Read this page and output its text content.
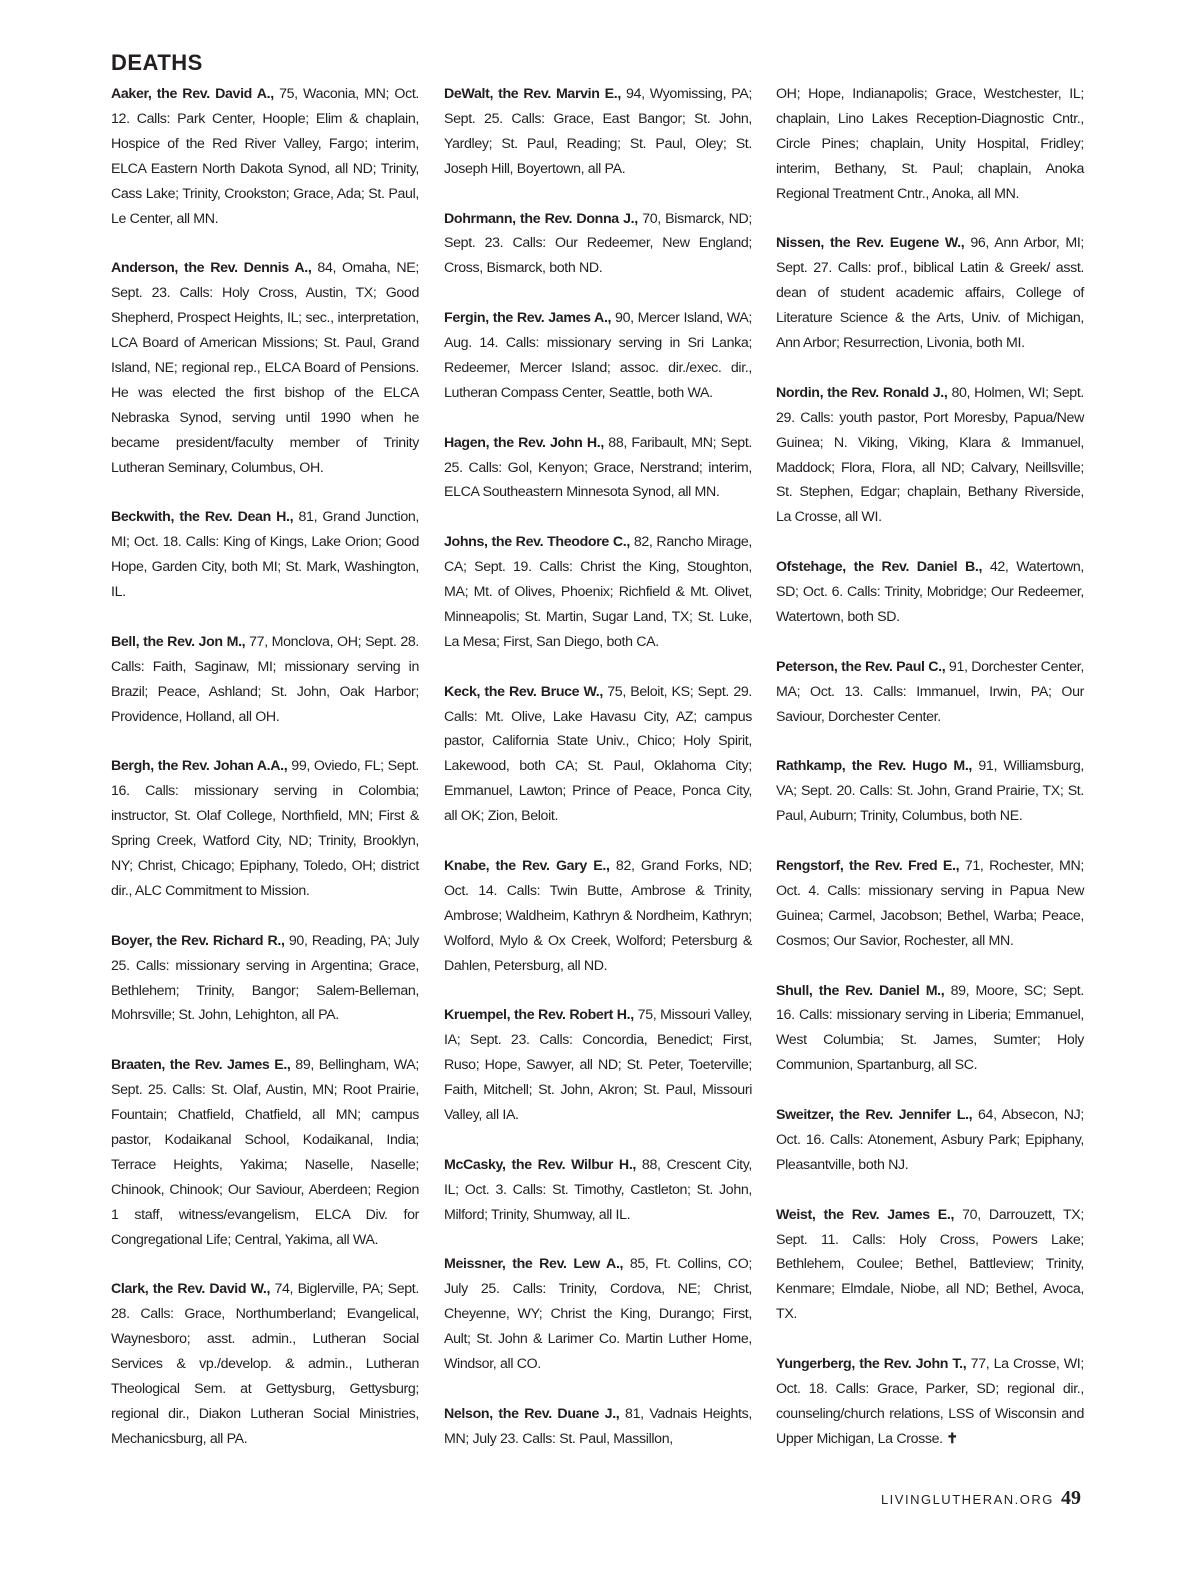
DEATHS

Aaker, the Rev. David A., 75, Waconia, MN; Oct. 12. Calls: Park Center, Hoople; Elim & chaplain, Hospice of the Red River Valley, Fargo; interim, ELCA Eastern North Dakota Synod, all ND; Trinity, Cass Lake; Trinity, Crookston; Grace, Ada; St. Paul, Le Center, all MN.

Anderson, the Rev. Dennis A., 84, Omaha, NE; Sept. 23. Calls: Holy Cross, Austin, TX; Good Shepherd, Prospect Heights, IL; sec., interpretation, LCA Board of American Missions; St. Paul, Grand Island, NE; regional rep., ELCA Board of Pensions. He was elected the first bishop of the ELCA Nebraska Synod, serving until 1990 when he became president/faculty member of Trinity Lutheran Seminary, Columbus, OH.

Beckwith, the Rev. Dean H., 81, Grand Junction, MI; Oct. 18. Calls: King of Kings, Lake Orion; Good Hope, Garden City, both MI; St. Mark, Washington, IL.

Bell, the Rev. Jon M., 77, Monclova, OH; Sept. 28. Calls: Faith, Saginaw, MI; missionary serving in Brazil; Peace, Ashland; St. John, Oak Harbor; Providence, Holland, all OH.

Bergh, the Rev. Johan A.A., 99, Oviedo, FL; Sept. 16. Calls: missionary serving in Colombia; instructor, St. Olaf College, Northfield, MN; First & Spring Creek, Watford City, ND; Trinity, Brooklyn, NY; Christ, Chicago; Epiphany, Toledo, OH; district dir., ALC Commitment to Mission.

Boyer, the Rev. Richard R., 90, Reading, PA; July 25. Calls: missionary serving in Argentina; Grace, Bethlehem; Trinity, Bangor; Salem-Belleman, Mohrsville; St. John, Lehighton, all PA.

Braaten, the Rev. James E., 89, Bellingham, WA; Sept. 25. Calls: St. Olaf, Austin, MN; Root Prairie, Fountain; Chatfield, Chatfield, all MN; campus pastor, Kodaikanal School, Kodaikanal, India; Terrace Heights, Yakima; Naselle, Naselle; Chinook, Chinook; Our Saviour, Aberdeen; Region 1 staff, witness/evangelism, ELCA Div. for Congregational Life; Central, Yakima, all WA.

Clark, the Rev. David W., 74, Biglerville, PA; Sept. 28. Calls: Grace, Northumberland; Evangelical, Waynesboro; asst. admin., Lutheran Social Services & vp./develop. & admin., Lutheran Theological Sem. at Gettysburg, Gettysburg; regional dir., Diakon Lutheran Social Ministries, Mechanicsburg, all PA.

DeWalt, the Rev. Marvin E., 94, Wyomissing, PA; Sept. 25. Calls: Grace, East Bangor; St. John, Yardley; St. Paul, Reading; St. Paul, Oley; St. Joseph Hill, Boyertown, all PA.

Dohrmann, the Rev. Donna J., 70, Bismarck, ND; Sept. 23. Calls: Our Redeemer, New England; Cross, Bismarck, both ND.

Fergin, the Rev. James A., 90, Mercer Island, WA; Aug. 14. Calls: missionary serving in Sri Lanka; Redeemer, Mercer Island; assoc. dir./exec. dir., Lutheran Compass Center, Seattle, both WA.

Hagen, the Rev. John H., 88, Faribault, MN; Sept. 25. Calls: Gol, Kenyon; Grace, Nerstrand; interim, ELCA Southeastern Minnesota Synod, all MN.

Johns, the Rev. Theodore C., 82, Rancho Mirage, CA; Sept. 19. Calls: Christ the King, Stoughton, MA; Mt. of Olives, Phoenix; Richfield & Mt. Olivet, Minneapolis; St. Martin, Sugar Land, TX; St. Luke, La Mesa; First, San Diego, both CA.

Keck, the Rev. Bruce W., 75, Beloit, KS; Sept. 29. Calls: Mt. Olive, Lake Havasu City, AZ; campus pastor, California State Univ., Chico; Holy Spirit, Lakewood, both CA; St. Paul, Oklahoma City; Emmanuel, Lawton; Prince of Peace, Ponca City, all OK; Zion, Beloit.

Knabe, the Rev. Gary E., 82, Grand Forks, ND; Oct. 14. Calls: Twin Butte, Ambrose & Trinity, Ambrose; Waldheim, Kathryn & Nordheim, Kathryn; Wolford, Mylo & Ox Creek, Wolford; Petersburg & Dahlen, Petersburg, all ND.

Kruempel, the Rev. Robert H., 75, Missouri Valley, IA; Sept. 23. Calls: Concordia, Benedict; First, Ruso; Hope, Sawyer, all ND; St. Peter, Toeterville; Faith, Mitchell; St. John, Akron; St. Paul, Missouri Valley, all IA.

McCasky, the Rev. Wilbur H., 88, Crescent City, IL; Oct. 3. Calls: St. Timothy, Castleton; St. John, Milford; Trinity, Shumway, all IL.

Meissner, the Rev. Lew A., 85, Ft. Collins, CO; July 25. Calls: Trinity, Cordova, NE; Christ, Cheyenne, WY; Christ the King, Durango; First, Ault; St. John & Larimer Co. Martin Luther Home, Windsor, all CO.

Nelson, the Rev. Duane J., 81, Vadnais Heights, MN; July 23. Calls: St. Paul, Massillon,

OH; Hope, Indianapolis; Grace, Westchester, IL; chaplain, Lino Lakes Reception-Diagnostic Cntr., Circle Pines; chaplain, Unity Hospital, Fridley; interim, Bethany, St. Paul; chaplain, Anoka Regional Treatment Cntr., Anoka, all MN.

Nissen, the Rev. Eugene W., 96, Ann Arbor, MI; Sept. 27. Calls: prof., biblical Latin & Greek/ asst. dean of student academic affairs, College of Literature Science & the Arts, Univ. of Michigan, Ann Arbor; Resurrection, Livonia, both MI.

Nordin, the Rev. Ronald J., 80, Holmen, WI; Sept. 29. Calls: youth pastor, Port Moresby, Papua/New Guinea; N. Viking, Viking, Klara & Immanuel, Maddock; Flora, Flora, all ND; Calvary, Neillsville; St. Stephen, Edgar; chaplain, Bethany Riverside, La Crosse, all WI.

Ofstehage, the Rev. Daniel B., 42, Watertown, SD; Oct. 6. Calls: Trinity, Mobridge; Our Redeemer, Watertown, both SD.

Peterson, the Rev. Paul C., 91, Dorchester Center, MA; Oct. 13. Calls: Immanuel, Irwin, PA; Our Saviour, Dorchester Center.

Rathkamp, the Rev. Hugo M., 91, Williamsburg, VA; Sept. 20. Calls: St. John, Grand Prairie, TX; St. Paul, Auburn; Trinity, Columbus, both NE.

Rengstorf, the Rev. Fred E., 71, Rochester, MN; Oct. 4. Calls: missionary serving in Papua New Guinea; Carmel, Jacobson; Bethel, Warba; Peace, Cosmos; Our Savior, Rochester, all MN.

Shull, the Rev. Daniel M., 89, Moore, SC; Sept. 16. Calls: missionary serving in Liberia; Emmanuel, West Columbia; St. James, Sumter; Holy Communion, Spartanburg, all SC.

Sweitzer, the Rev. Jennifer L., 64, Absecon, NJ; Oct. 16. Calls: Atonement, Asbury Park; Epiphany, Pleasantville, both NJ.

Weist, the Rev. James E., 70, Darrouzett, TX; Sept. 11. Calls: Holy Cross, Powers Lake; Bethlehem, Coulee; Bethel, Battleview; Trinity, Kenmare; Elmdale, Niobe, all ND; Bethel, Avoca, TX.

Yungerberg, the Rev. John T., 77, La Crosse, WI; Oct. 18. Calls: Grace, Parker, SD; regional dir., counseling/church relations, LSS of Wisconsin and Upper Michigan, La Crosse. ✝

LIVINGLUTHERAN.ORG 49
